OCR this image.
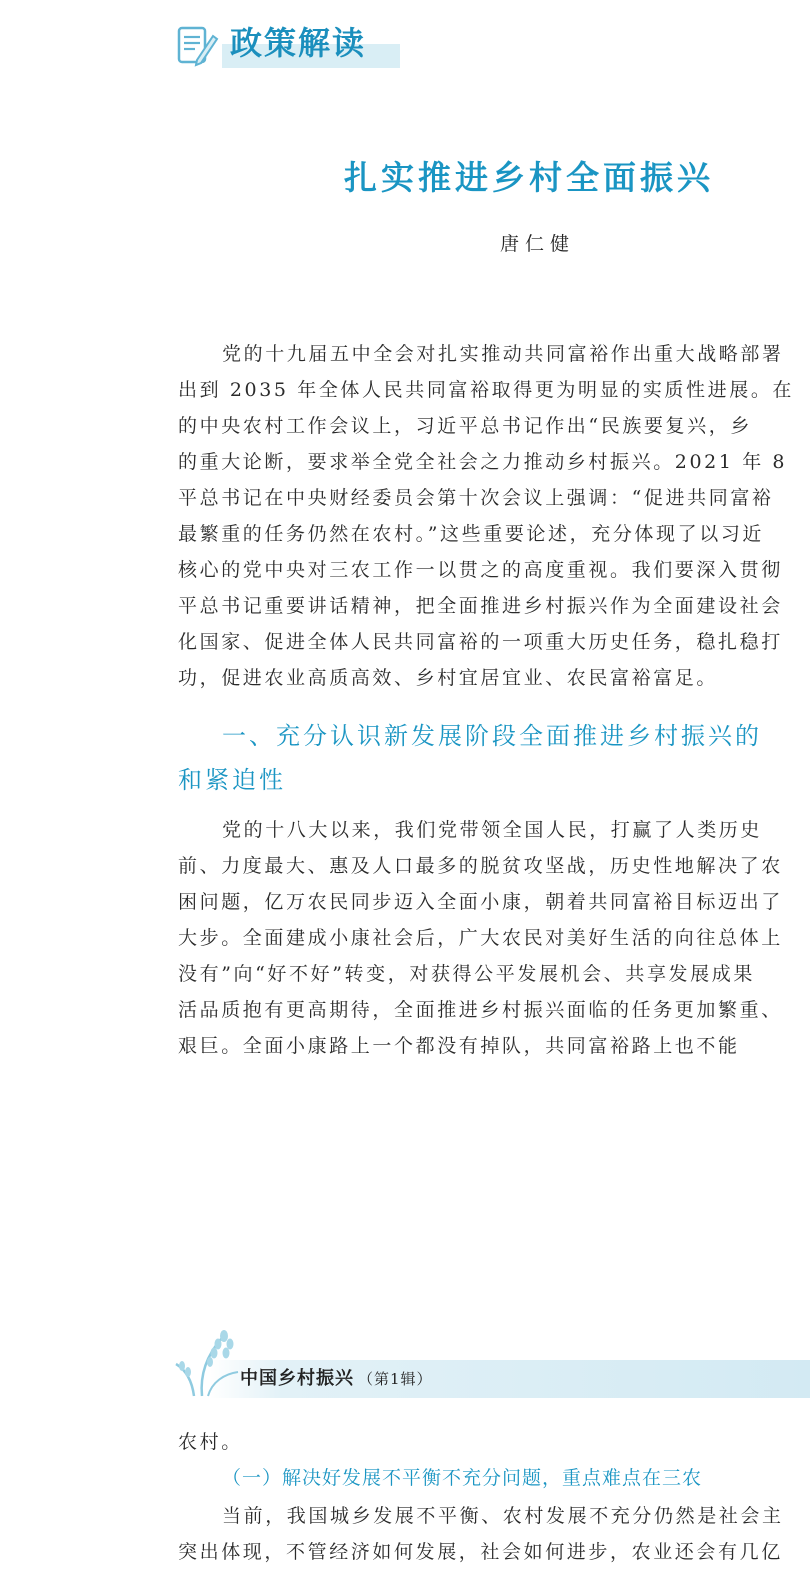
政策解读
扎实推进乡村全面振兴
唐仁健
党的十九届五中全会对扎实推动共同富裕作出重大战略部署
出到 2035 年全体人民共同富裕取得更为明显的实质性进展。在
的中央农村工作会议上，习近平总书记作出“民族要复兴，乡
的重大论断，要求举全党全社会之力推动乡村振兴。2021 年 8
平总书记在中央财经委员会第十次会议上强调：“促进共同富裕
最繁重的任务仍然在农村。”这些重要论述，充分体现了以习近
核心的党中央对三农工作一以贯之的高度重视。我们要深入贯彻
平总书记重要讲话精神，把全面推进乡村振兴作为全面建设社会
化国家、促进全体人民共同富裕的一项重大历史任务，稳扎稳打
功，促进农业高质高效、乡村宜居宜业、农民富裕富足。
一、充分认识新发展阶段全面推进乡村振兴的
和紧迫性
党的十八大以来，我们党带领全国人民，打赢了人类历史
前、力度最大、惠及人口最多的脱贫攻坚战，历史性地解决了农
困问题，亿万农民同步迈入全面小康，朝着共同富裕目标迈出了
大步。全面建成小康社会后，广大农民对美好生活的向往总体上
没有”向“好不好”转变，对获得公平发展机会、共享发展成果
活品质抱有更高期待，全面推进乡村振兴面临的任务更加繁重、
艰巨。全面小康路上一个都没有掉队，共同富裕路上也不能
中国乡村振兴 （第1辑）
农村。
（一）解决好发展不平衡不充分问题，重点难点在三农
当前，我国城乡发展不平衡、农村发展不充分仍然是社会主
突出体现，不管经济如何发展，社会如何进步，农业还会有几亿
